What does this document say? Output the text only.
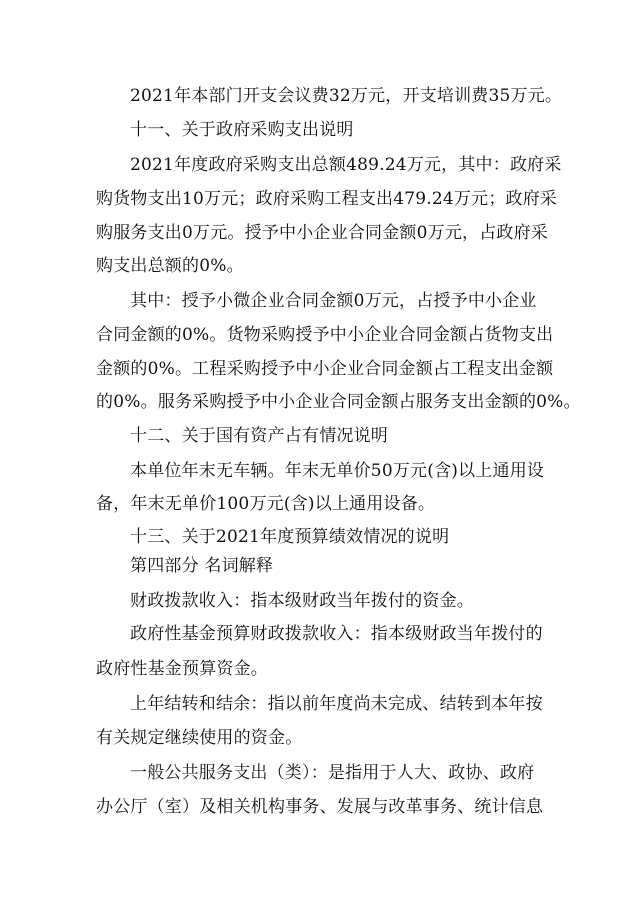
2021年本部门开支会议费32万元，开支培训费35万元。
十一、关于政府采购支出说明
2021年度政府采购支出总额489.24万元，其中：政府采
购货物支出10万元；政府采购工程支出479.24万元；政府采
购服务支出0万元。授予中小企业合同金额0万元，占政府采
购支出总额的0%。
其中：授予小微企业合同金额0万元，占授予中小企业
合同金额的0%。货物采购授予中小企业合同金额占货物支出
金额的0%。工程采购授予中小企业合同金额占工程支出金额
的0%。服务采购授予中小企业合同金额占服务支出金额的0%。
十二、关于国有资产占有情况说明
本单位年末无车辆。年末无单价50万元(含)以上通用设
备，年末无单价100万元(含)以上通用设备。
十三、关于2021年度预算绩效情况的说明
第四部分 名词解释
财政拨款收入：指本级财政当年拨付的资金。
政府性基金预算财政拨款收入：指本级财政当年拨付的
政府性基金预算资金。
上年结转和结余：指以前年度尚未完成、结转到本年按
有关规定继续使用的资金。
一般公共服务支出（类）：是指用于人大、政协、政府
办公厅（室）及相关机构事务、发展与改革事务、统计信息
